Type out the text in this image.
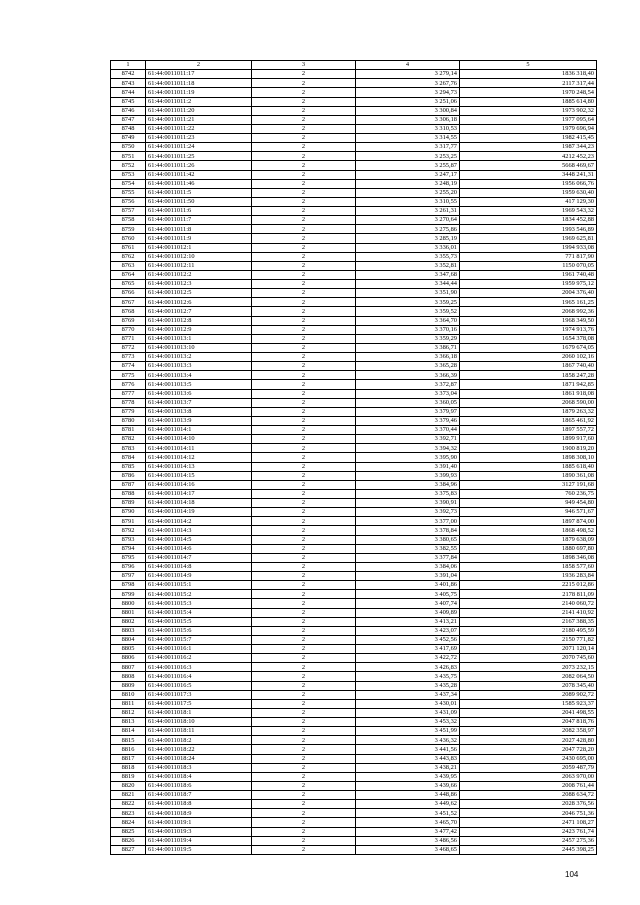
1	2	3	4	5
8742	61:44:0011011:17	2	3 279,14	1836 318,40
8743	61:44:0011011:18	2	3 267,76	2117 317,44
8744	61:44:0011011:19	2	3 294,73	1970 248,54
8745	61:44:0011011:2	2	3 251,06	1885 614,80
8746	61:44:0011011:20	2	3 300,84	1973 902,32
8747	61:44:0011011:21	2	3 306,18	1977 095,64
8748	61:44:0011011:22	2	3 310,53	1979 696,94
8749	61:44:0011011:23	2	3 314,55	1982 415,45
8750	61:44:0011011:24	2	3 317,77	1987 344,23
8751	61:44:0011011:25	2	3 253,25	4212 452,23
8752	61:44:0011011:26	2	3 255,87	5668 469,67
8753	61:44:0011011:42	2	3 247,17	3448 241,31
8754	61:44:0011011:46	2	3 248,19	1956 066,76
8755	61:44:0011011:5	2	3 255,20	1959 630,40
8756	61:44:0011011:50	2	3 310,55	417 129,30
8757	61:44:0011011:6	2	3 261,31	1969 543,32
8758	61:44:0011011:7	2	3 270,64	1834 452,88
8759	61:44:0011011:8	2	3 275,86	1993 546,89
8760	61:44:0011011:9	2	3 285,19	1969 625,81
8761	61:44:0011012:1	2	3 336,01	1994 933,08
8762	61:44:0011012:10	2	3 355,73	771 817,90
8763	61:44:0011012:11	2	3 352,81	1150 070,05
8764	61:44:0011012:2	2	3 347,68	1961 740,48
8765	61:44:0011012:3	2	3 344,44	1959 975,12
8766	61:44:0011012:5	2	3 351,90	2004 376,40
8767	61:44:0011012:6	2	3 359,25	1965 161,25
8768	61:44:0011012:7	2	3 359,52	2068 992,36
8769	61:44:0011012:8	2	3 364,70	1968 349,50
8770	61:44:0011012:9	2	3 370,16	1974 913,76
8771	61:44:0011013:1	2	3 359,29	1654 378,08
8772	61:44:0011013:10	2	3 386,71	1679 674,05
8773	61:44:0011013:2	2	3 366,18	2060 102,16
8774	61:44:0011013:3	2	3 365,28	1867 740,40
8775	61:44:0011013:4	2	3 366,39	1858 247,28
8776	61:44:0011013:5	2	3 372,87	1871 942,85
8777	61:44:0011013:6	2	3 373,04	1861 918,08
8778	61:44:0011013:7	2	3 360,05	2068 590,00
8779	61:44:0011013:8	2	3 379,97	1879 263,32
8780	61:44:0011013:9	2	3 379,46	1865 461,92
8781	61:44:0011014:1	2	3 370,44	1897 557,72
8782	61:44:0011014:10	2	3 392,71	1899 917,60
8783	61:44:0011014:11	2	3 394,32	1900 819,20
8784	61:44:0011014:12	2	3 395,90	1898 308,10
8785	61:44:0011014:13	2	3 391,40	1885 618,40
8786	61:44:0011014:15	2	3 399,93	1890 361,08
8787	61:44:0011014:16	2	3 384,96	3127 191,68
8788	61:44:0011014:17	2	3 375,83	760 236,75
8789	61:44:0011014:18	2	3 390,91	949 454,80
8790	61:44:0011014:19	2	3 392,73	946 571,67
8791	61:44:0011014:2	2	3 377,00	1897 874,00
8792	61:44:0011014:3	2	3 378,84	1868 498,52
8793	61:44:0011014:5	2	3 380,65	1879 638,09
8794	61:44:0011014:6	2	3 382,55	1880 697,80
8795	61:44:0011014:7	2	3 377,84	1898 346,08
8796	61:44:0011014:8	2	3 384,06	1858 577,60
8797	61:44:0011014:9	2	3 391,04	1936 283,84
8798	61:44:0011015:1	2	3 401,86	2215 012,86
8799	61:44:0011015:2	2	3 405,75	2178 811,09
8800	61:44:0011015:3	2	3 407,74	2140 060,72
8801	61:44:0011015:4	2	3 409,89	2141 410,92
8802	61:44:0011015:5	2	3 413,21	2167 388,35
8803	61:44:0011015:6	2	3 423,07	2180 495,59
8804	61:44:0011015:7	2	3 452,56	2150 771,82
8805	61:44:0011016:1	2	3 417,69	2071 120,14
8806	61:44:0011016:2	2	3 422,72	2070 745,60
8807	61:44:0011016:3	2	3 426,83	2073 232,15
8808	61:44:0011016:4	2	3 435,75	2082 064,50
8809	61:44:0011016:5	2	3 435,28	2078 345,40
8810	61:44:0011017:3	2	3 437,34	2089 902,72
8811	61:44:0011017:5	2	3 430,01	1585 923,37
8812	61:44:0011018:1	2	3 431,09	2041 498,55
8813	61:44:0011018:10	2	3 453,32	2047 818,76
8814	61:44:0011018:11	2	3 451,99	2082 358,97
8815	61:44:0011018:2	2	3 436,32	2027 428,80
8816	61:44:0011018:22	2	3 441,56	2047 728,20
8817	61:44:0011018:24	2	3 443,83	2430 695,00
8818	61:44:0011018:3	2	3 438,21	2059 487,79
8819	61:44:0011018:4	2	3 439,95	2063 970,00
8820	61:44:0011018:6	2	3 439,66	2008 761,44
8821	61:44:0011018:7	2	3 448,86	2088 634,72
8822	61:44:0011018:8	2	3 449,62	2028 376,56
8823	61:44:0011018:9	2	3 451,52	2046 751,36
8824	61:44:0011019:1	2	3 465,70	2471 108,27
8825	61:44:0011019:3	2	3 477,42	2423 761,74
8826	61:44:0011019:4	2	3 486,56	2457 275,36
8827	61:44:0011019:5	2	3 468,65	2445 398,25
104
